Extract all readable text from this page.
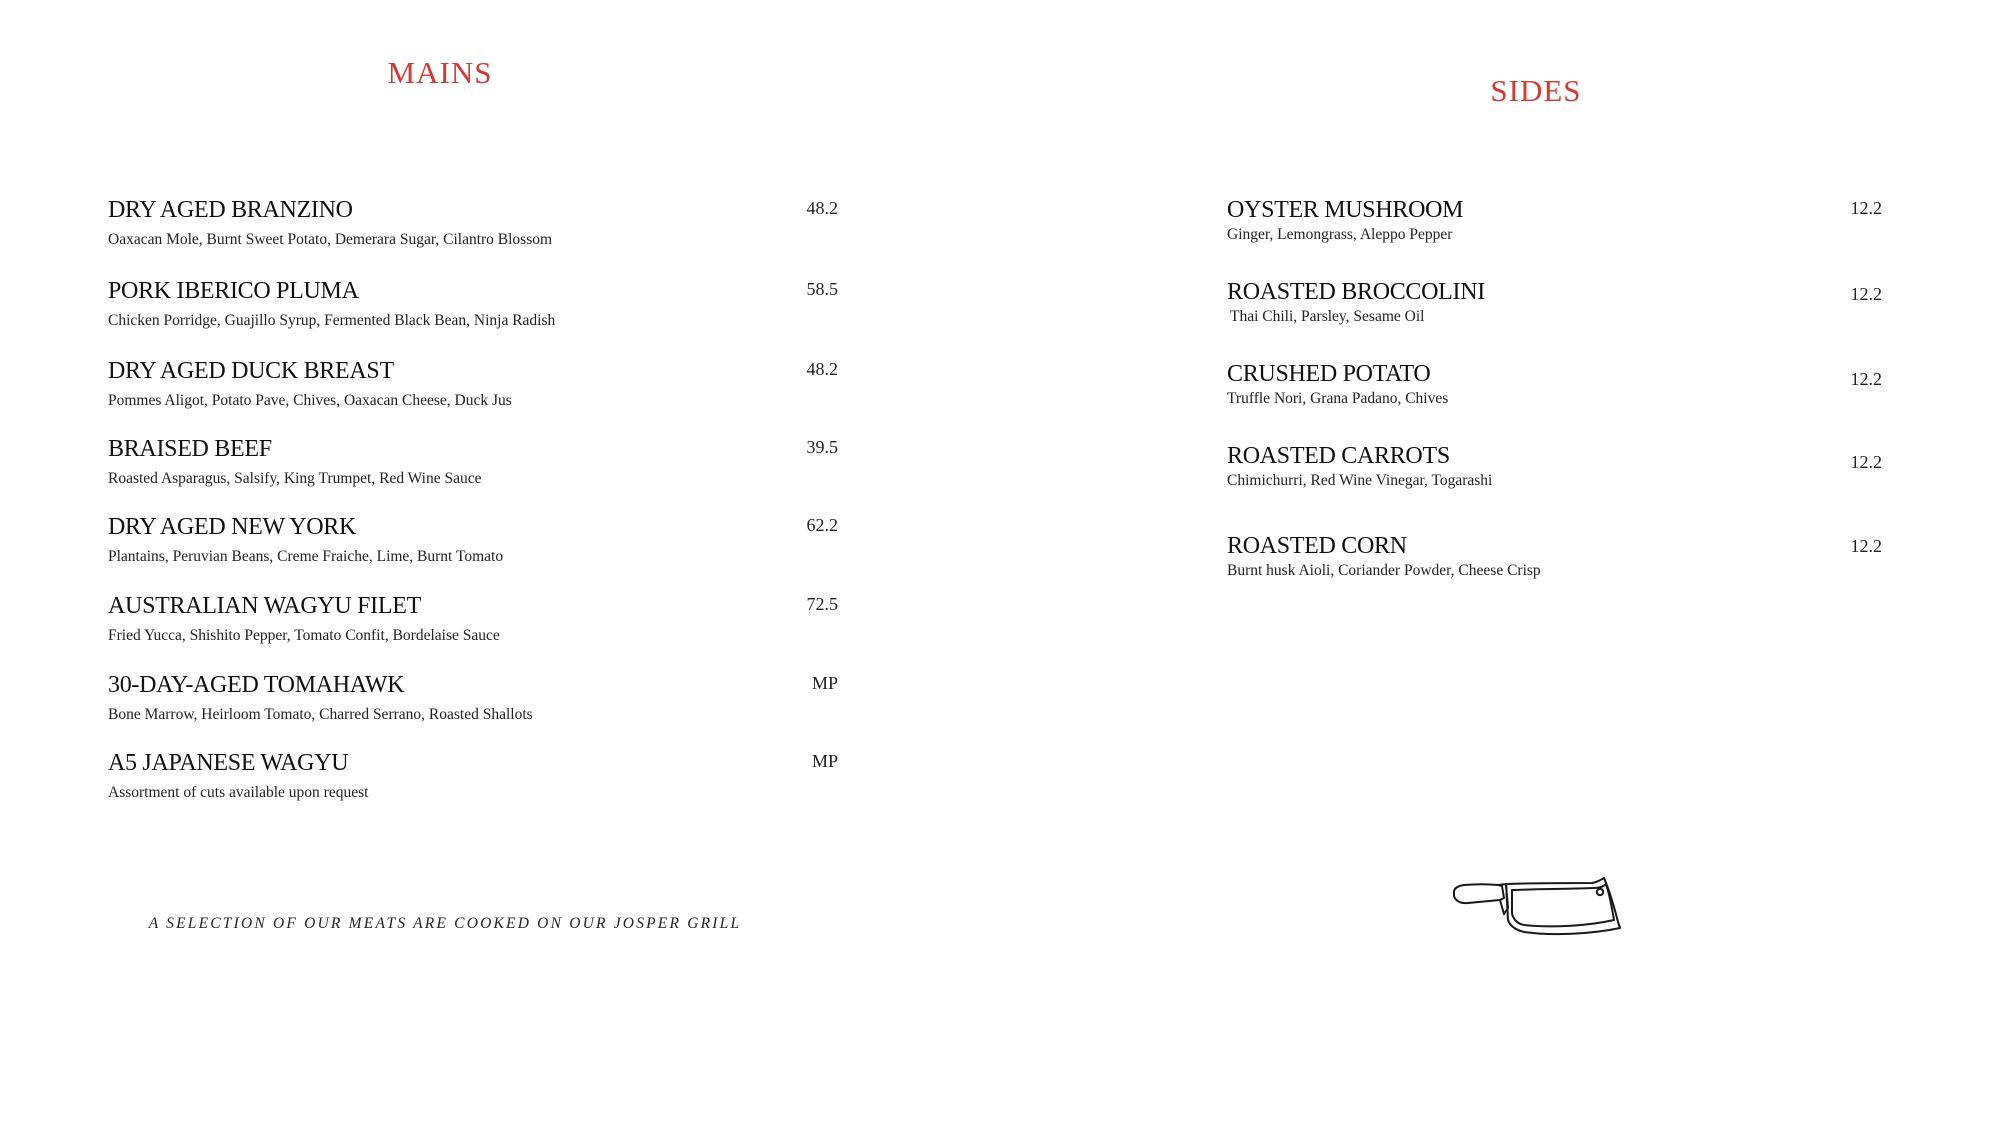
MAINS
SIDES
DRY AGED BRANZINO
Oaxacan Mole, Burnt Sweet Potato, Demerara Sugar, Cilantro Blossom
48.2
PORK IBERICO PLUMA
Chicken Porridge, Guajillo Syrup, Fermented Black Bean, Ninja Radish
58.5
DRY AGED DUCK BREAST
Pommes Aligot, Potato Pave, Chives, Oaxacan Cheese, Duck Jus
48.2
BRAISED BEEF
Roasted Asparagus, Salsify, King Trumpet, Red Wine Sauce
39.5
DRY AGED NEW YORK
Plantains, Peruvian Beans, Creme Fraiche, Lime, Burnt Tomato
62.2
AUSTRALIAN WAGYU FILET
Fried Yucca, Shishito Pepper, Tomato Confit, Bordelaise Sauce
72.5
30-DAY-AGED TOMAHAWK
Bone Marrow, Heirloom Tomato, Charred Serrano, Roasted Shallots
MP
A5 JAPANESE WAGYU
Assortment of cuts available upon request
MP
A SELECTION OF OUR MEATS ARE COOKED ON OUR JOSPER GRILL
OYSTER MUSHROOM
Ginger, Lemongrass, Aleppo Pepper
12.2
ROASTED BROCCOLINI
Thai Chili, Parsley, Sesame Oil
12.2
CRUSHED POTATO
Truffle Nori, Grana Padano, Chives
12.2
ROASTED CARROTS
Chimichurri, Red Wine Vinegar, Togarashi
12.2
ROASTED CORN
Burnt husk Aioli, Coriander Powder, Cheese Crisp
12.2
